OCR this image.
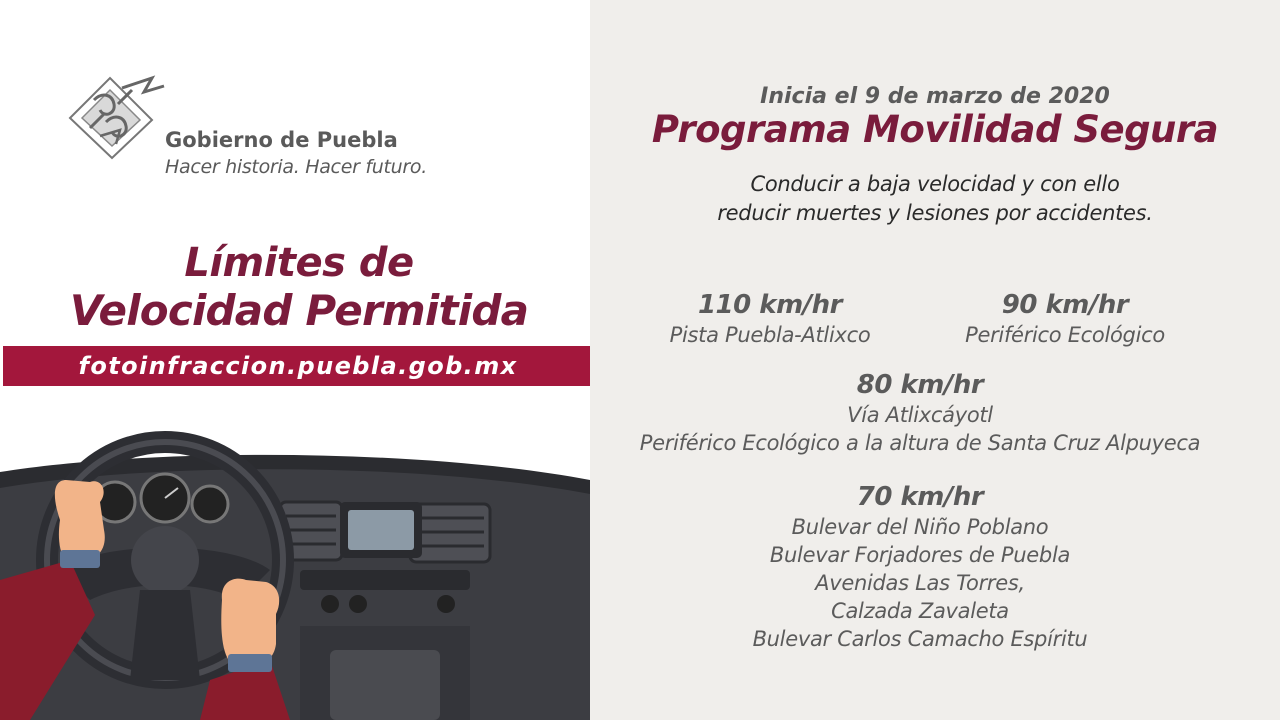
Gobierno de Puebla
Hacer historia. Hacer futuro.
Límites de
Velocidad Permitida
fotoinfraccion.puebla.gob.mx
Inicia el 9 de marzo de 2020
Programa Movilidad Segura
Conducir a baja velocidad y con ello
reducir muertes y lesiones por accidentes.
110 km/hr
Pista Puebla-Atlixco
90 km/hr
Periférico Ecológico
80 km/hr
Vía Atlixcáyotl
Periférico Ecológico a la altura de Santa Cruz Alpuyeca
70 km/hr
Bulevar del Niño Poblano
Bulevar Forjadores de Puebla
Avenidas Las Torres,
Calzada Zavaleta
Bulevar Carlos Camacho Espíritu
